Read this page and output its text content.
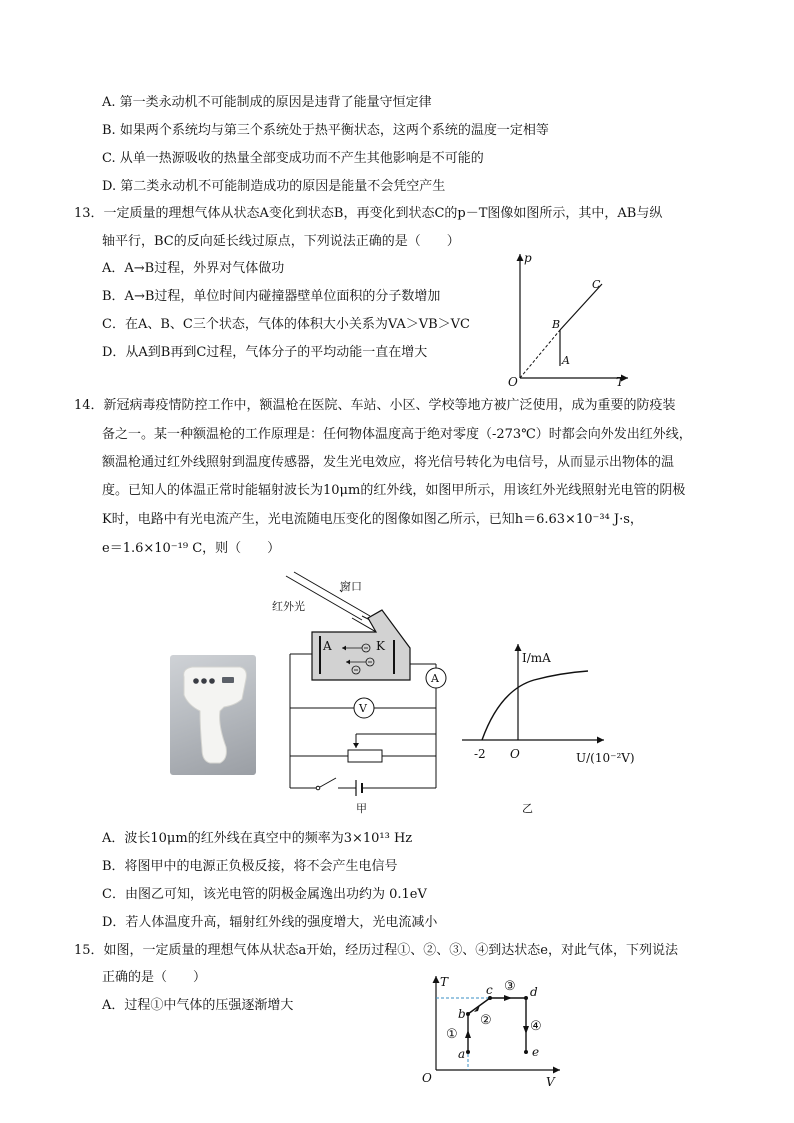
A. 第一类永动机不可能制成的原因是违背了能量守恒定律
B. 如果两个系统均与第三个系统处于热平衡状态，这两个系统的温度一定相等
C. 从单一热源吸收的热量全部变成功而不产生其他影响是不可能的
D. 第二类永动机不可能制造成功的原因是能量不会凭空产生
13．一定质量的理想气体从状态A变化到状态B，再变化到状态C的p－T图像如图所示，其中，AB与纵
轴平行，BC的反向延长线过原点，下列说法正确的是（　　）
A．A→B过程，外界对气体做功
B．A→B过程，单位时间内碰撞器壁单位面积的分子数增加
C．在A、B、C三个状态，气体的体积大小关系为VA＞VB＞VC
D．从A到B再到C过程，气体分子的平均动能一直在增大
p
T
O
A
B
C
14．新冠病毒疫情防控工作中，额温枪在医院、车站、小区、学校等地方被广泛使用，成为重要的防疫装
备之一。某一种额温枪的工作原理是：任何物体温度高于绝对零度（-273℃）时都会向外发出红外线，
额温枪通过红外线照射到温度传感器，发生光电效应，将光信号转化为电信号，从而显示出物体的温
度。已知人的体温正常时能辐射波长为10μm的红外线，如图甲所示，用该红外光线照射光电管的阴极
K时，电路中有光电流产生，光电流随电压变化的图像如图乙所示，已知h＝6.63×10⁻³⁴ J·s，
e＝1.6×10⁻¹⁹ C，则（　　）
窗口
红外光
A	K
A
V
甲
I/mA
O
-2	U/(10⁻²V)
乙
A．波长10μm的红外线在真空中的频率为3×10¹³ Hz
B．将图甲中的电源正负极反接，将不会产生电信号
C．由图乙可知，该光电管的阴极金属逸出功约为 0.1eV
D．若人体温度升高，辐射红外线的强度增大，光电流减小
15．如图，一定质量的理想气体从状态a开始，经历过程①、②、③、④到达状态e，对此气体，下列说法
正确的是（　　）
A．过程①中气体的压强逐渐增大
T
V
O
a
b
c	d
e
①
②
③
④
